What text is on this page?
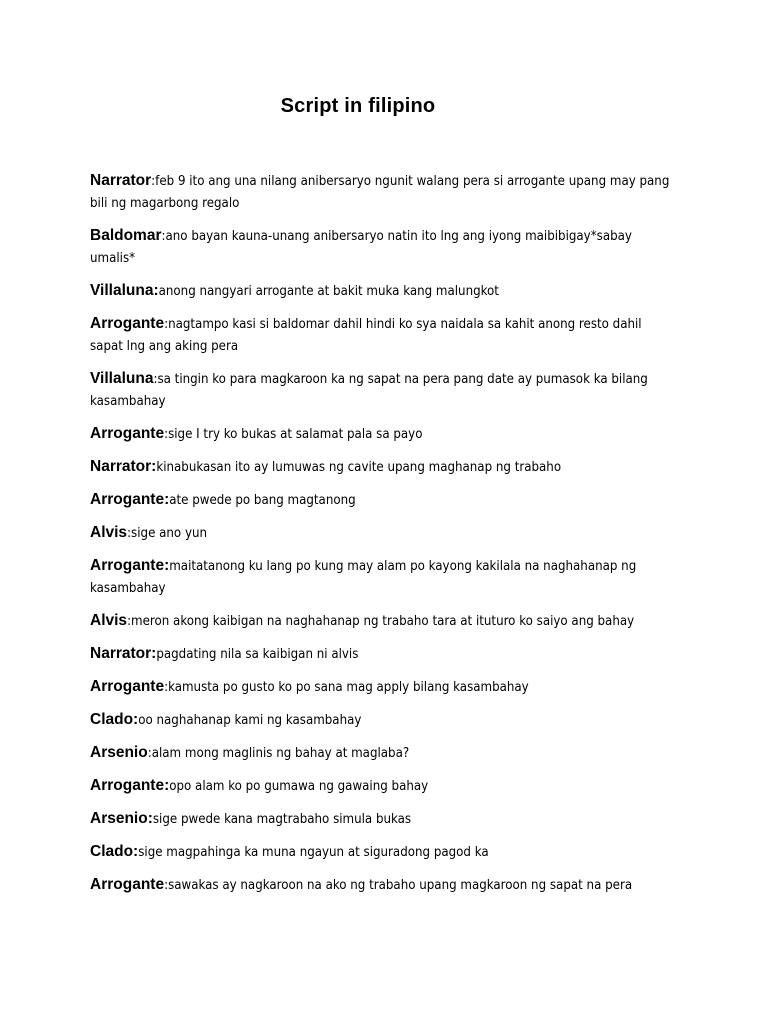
Script in filipino
Narrator:feb 9 ito ang una nilang anibersaryo ngunit walang pera si arrogante upang may pang bili ng magarbong regalo
Baldomar:ano bayan kauna-unang anibersaryo natin ito lng ang iyong maibibigay*sabay umalis*
Villaluna:anong nangyari arrogante at bakit muka kang malungkot
Arrogante:nagtampo kasi si baldomar dahil hindi ko sya naidala sa kahit anong resto dahil sapat lng ang aking pera
Villaluna:sa tingin ko para magkaroon ka ng sapat na pera pang date ay pumasok ka bilang kasambahay
Arrogante:sige I try ko bukas at salamat pala sa payo
Narrator:kinabukasan ito ay lumuwas ng cavite upang maghanap ng trabaho
Arrogante:ate pwede po bang magtanong
Alvis:sige ano yun
Arrogante:maitatanong ku lang po kung may alam po kayong kakilala na naghahanap ng kasambahay
Alvis:meron akong kaibigan na naghahanap ng trabaho tara at ituturo ko saiyo ang bahay
Narrator:pagdating nila sa kaibigan ni alvis
Arrogante:kamusta po gusto ko po sana mag apply bilang kasambahay
Clado:oo naghahanap kami ng kasambahay
Arsenio:alam mong maglinis ng bahay at maglaba?
Arrogante:opo alam ko po gumawa ng gawaing bahay
Arsenio:sige pwede kana magtrabaho simula bukas
Clado:sige magpahinga ka muna ngayun at siguradong pagod ka
Arrogante:sawakas ay nagkaroon na ako ng trabaho upang magkaroon ng sapat na pera
